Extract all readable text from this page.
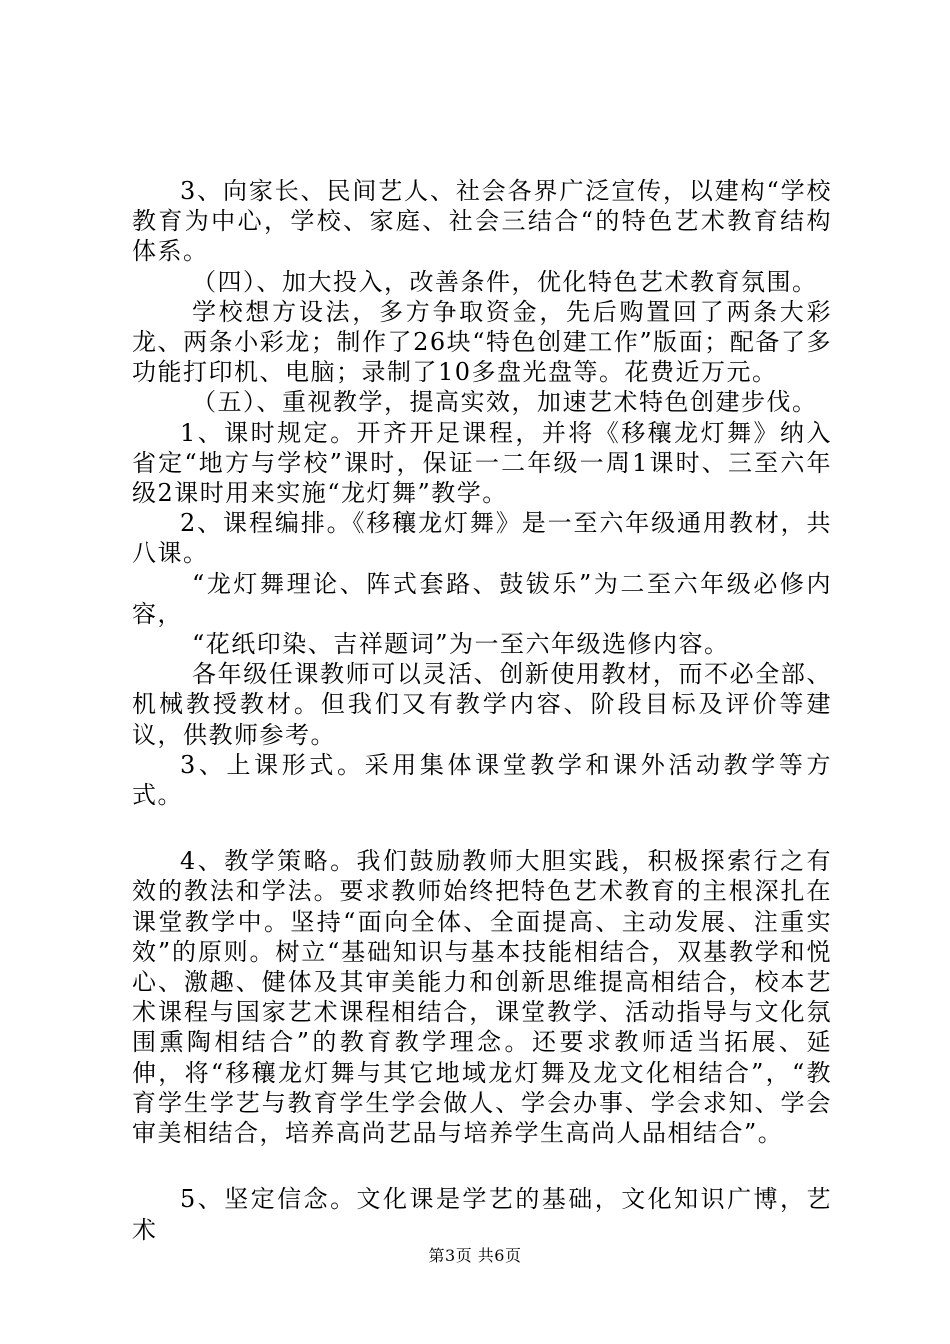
3、向家长、民间艺人、社会各界广泛宣传，以建构“学校教育为中心，学校、家庭、社会三结合“的特色艺术教育结构体系。

（四）、加大投入，改善条件，优化特色艺术教育氛围。

学校想方设法，多方争取资金，先后购置回了两条大彩龙、两条小彩龙；制作了26块“特色创建工作”版面；配备了多功能打印机、电脑；录制了10多盘光盘等。花费近万元。

（五）、重视教学，提高实效，加速艺术特色创建步伐。

1、课时规定。开齐开足课程，并将《移穰龙灯舞》纳入省定“地方与学校”课时，保证一二年级一周1课时、三至六年级2课时用来实施“龙灯舞”教学。

2、课程编排。《移穰龙灯舞》是一至六年级通用教材，共八课。

“龙灯舞理论、阵式套路、鼓钹乐”为二至六年级必修内容，

“花纸印染、吉祥题词”为一至六年级选修内容。

各年级任课教师可以灵活、创新使用教材，而不必全部、机械教授教材。但我们又有教学内容、阶段目标及评价等建议，供教师参考。

3、上课形式。采用集体课堂教学和课外活动教学等方式。

4、教学策略。我们鼓励教师大胆实践，积极探索行之有效的教法和学法。要求教师始终把特色艺术教育的主根深扎在课堂教学中。坚持“面向全体、全面提高、主动发展、注重实效”的原则。树立“基础知识与基本技能相结合，双基教学和悦心、激趣、健体及其审美能力和创新思维提高相结合，校本艺术课程与国家艺术课程相结合，课堂教学、活动指导与文化氛围熏陶相结合”的教育教学理念。还要求教师适当拓展、延伸，将“移穰龙灯舞与其它地域龙灯舞及龙文化相结合”，“教育学生学艺与教育学生学会做人、学会办事、学会求知、学会审美相结合，培养高尚艺品与培养学生高尚人品相结合”。

5、坚定信念。文化课是学艺的基础，文化知识广博，艺术

第3页 共6页
